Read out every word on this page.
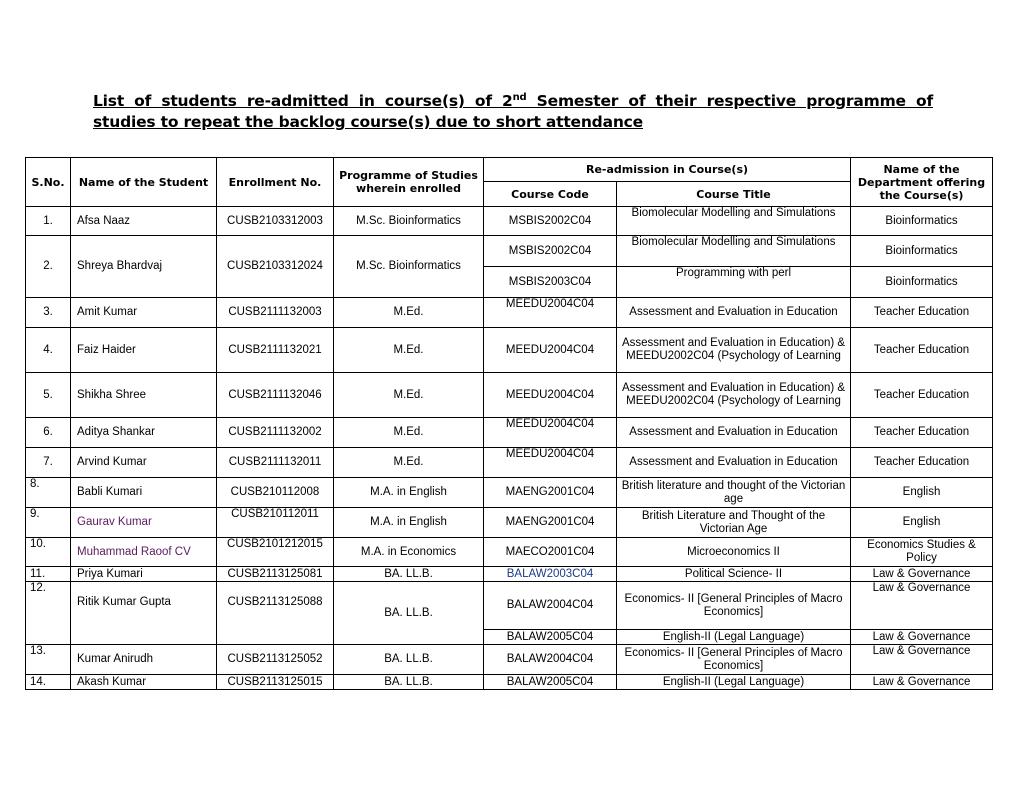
List of students re-admitted in course(s) of 2nd Semester of their respective programme of studies to repeat the backlog course(s) due to short attendance
S.No.	Name of the Student	Enrollment No.	Programme of Studies wherein enrolled	Re-admission in Course(s)		Name of the Department offering the Course(s)
				Course Code	Course Title	
1.	Afsa Naaz	CUSB2103312003	M.Sc. Bioinformatics	MSBIS2002C04	Biomolecular Modelling and Simulations	Bioinformatics
2.	Shreya Bhardvaj	CUSB2103312024	M.Sc. Bioinformatics	MSBIS2002C04	Biomolecular Modelling and Simulations	Bioinformatics
				MSBIS2003C04	Programming with perl	Bioinformatics
3.	Amit Kumar	CUSB2111132003	M.Ed.	MEEDU2004C04	Assessment and Evaluation in Education	Teacher Education
4.	Faiz Haider	CUSB2111132021	M.Ed.	MEEDU2004C04	Assessment and Evaluation in Education) & MEEDU2002C04 (Psychology of Learning	Teacher Education
5.	Shikha Shree	CUSB2111132046	M.Ed.	MEEDU2004C04	Assessment and Evaluation in Education) & MEEDU2002C04 (Psychology of Learning	Teacher Education
6.	Aditya Shankar	CUSB2111132002	M.Ed.	MEEDU2004C04	Assessment and Evaluation in Education	Teacher Education
7.	Arvind Kumar	CUSB2111132011	M.Ed.	MEEDU2004C04	Assessment and Evaluation in Education	Teacher Education
8.	Babli Kumari	CUSB210112008	M.A. in English	MAENG2001C04	British literature and thought of the Victorian age	English
9.	Gaurav Kumar	CUSB210112011	M.A. in English	MAENG2001C04	British Literature and Thought of the Victorian Age	English
10.	Muhammad Raoof CV	CUSB2101212015	M.A. in Economics	MAECO2001C04	Microeconomics II	Economics Studies & Policy
11.	Priya Kumari	CUSB2113125081	BA. LL.B.	BALAW2003C04	Political Science- II	Law & Governance
12.	Ritik Kumar Gupta	CUSB2113125088	BA. LL.B.	BALAW2004C04	Economics- II [General Principles of Macro Economics]	Law & Governance
				BALAW2005C04	English-II (Legal Language)	Law & Governance
13.	Kumar Anirudh	CUSB2113125052	BA. LL.B.	BALAW2004C04	Economics- II [General Principles of Macro Economics]	Law & Governance
14.	Akash Kumar	CUSB2113125015	BA. LL.B.	BALAW2005C04	English-II (Legal Language)	Law & Governance
